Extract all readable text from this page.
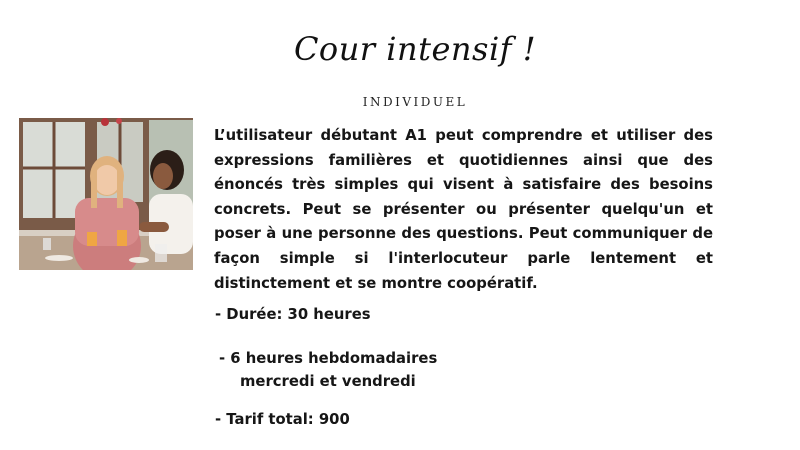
Cour intensif !
INDIVIDUEL
L’utilisateur débutant A1 peut comprendre et utiliser des expressions familières et quotidiennes ainsi que des énoncés très simples qui visent à satisfaire des besoins concrets. Peut se présenter ou présenter quelqu'un et poser à une personne des questions. Peut communiquer de façon simple si l'interlocuteur parle lentement et distinctement et se montre coopératif.
- Durée: 30 heures
- 6 heures hebdomadaires
mercredi et vendredi
- Tarif total: 900
